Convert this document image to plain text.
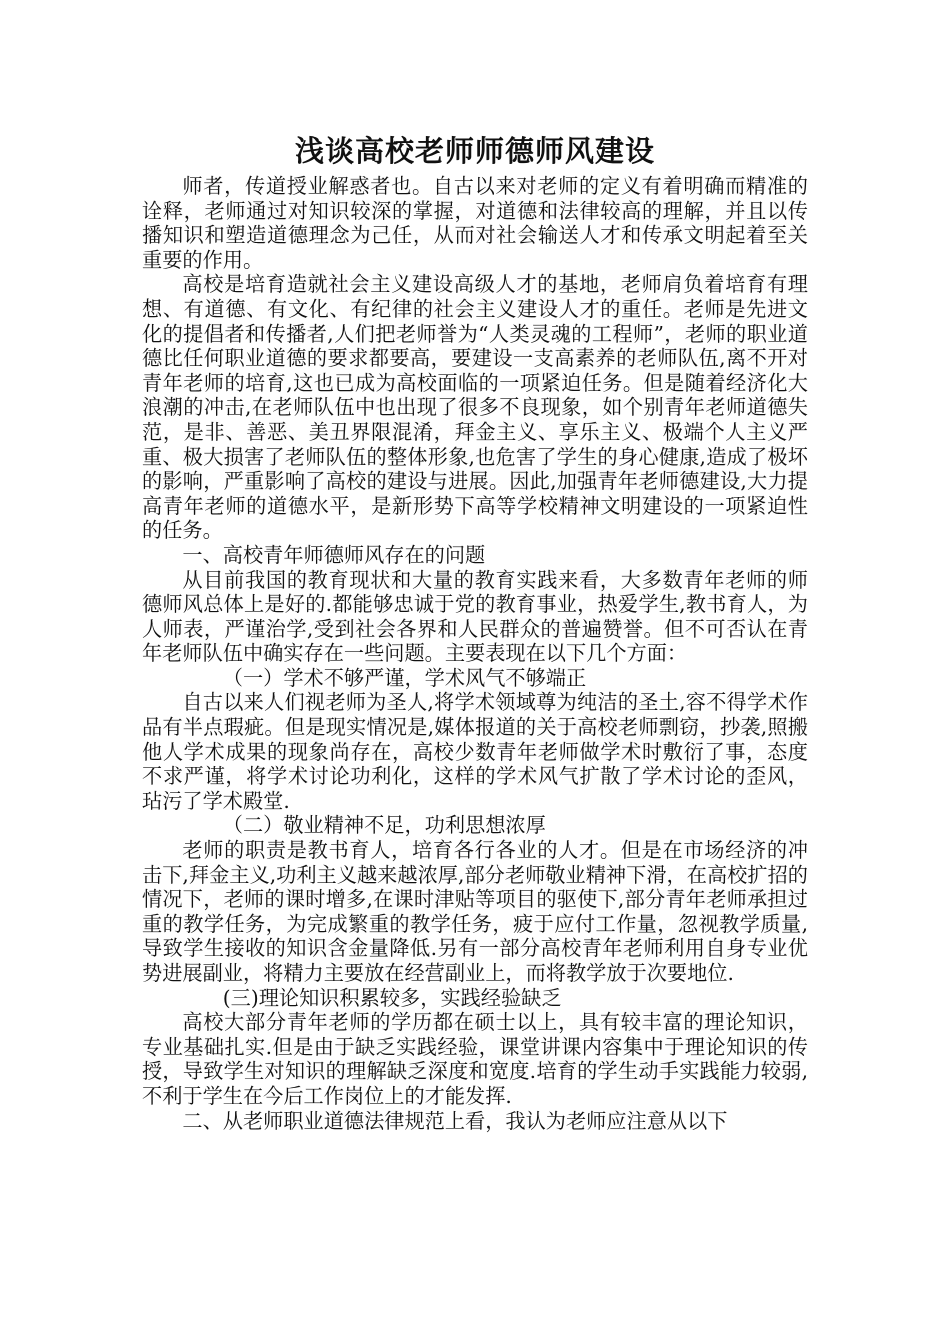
浅谈高校老师师德师风建设

师者，传道授业解惑者也。自古以来对老师的定义有着明确而精准的诠释，老师通过对知识较深的掌握，对道德和法律较高的理解，并且以传播知识和塑造道德理念为己任，从而对社会输送人才和传承文明起着至关重要的作用。

高校是培育造就社会主义建设高级人才的基地，老师肩负着培育有理想、有道德、有文化、有纪律的社会主义建设人才的重任。老师是先进文化的提倡者和传播者,人们把老师誉为“人类灵魂的工程师”，老师的职业道德比任何职业道德的要求都要高，要建设一支高素养的老师队伍,离不开对青年老师的培育,这也已成为高校面临的一项紧迫任务。但是随着经济化大浪潮的冲击,在老师队伍中也出现了很多不良现象，如个别青年老师道德失范，是非、善恶、美丑界限混淆，拜金主义、享乐主义、极端个人主义严重、极大损害了老师队伍的整体形象,也危害了学生的身心健康,造成了极坏的影响，严重影响了高校的建设与进展。因此,加强青年老师德建设,大力提高青年老师的道德水平，是新形势下高等学校精神文明建设的一项紧迫性的任务。

一、高校青年师德师风存在的问题

从目前我国的教育现状和大量的教育实践来看，大多数青年老师的师德师风总体上是好的.都能够忠诚于党的教育事业，热爱学生,教书育人，为人师表，严谨治学,受到社会各界和人民群众的普遍赞誉。但不可否认在青年老师队伍中确实存在一些问题。主要表现在以下几个方面：

（一）学术不够严谨，学术风气不够端正

自古以来人们视老师为圣人,将学术领域尊为纯洁的圣土,容不得学术作品有半点瑕疵。但是现实情况是,媒体报道的关于高校老师剽窃，抄袭,照搬他人学术成果的现象尚存在，高校少数青年老师做学术时敷衍了事，态度不求严谨，将学术讨论功利化，这样的学术风气扩散了学术讨论的歪风，玷污了学术殿堂.

（二）敬业精神不足，功利思想浓厚

老师的职责是教书育人，培育各行各业的人才。但是在市场经济的冲击下,拜金主义,功利主义越来越浓厚,部分老师敬业精神下滑，在高校扩招的情况下，老师的课时增多,在课时津贴等项目的驱使下,部分青年老师承担过重的教学任务，为完成繁重的教学任务，疲于应付工作量，忽视教学质量,导致学生接收的知识含金量降低.另有一部分高校青年老师利用自身专业优势进展副业，将精力主要放在经营副业上，而将教学放于次要地位.

(三)理论知识积累较多，实践经验缺乏

高校大部分青年老师的学历都在硕士以上，具有较丰富的理论知识，专业基础扎实.但是由于缺乏实践经验，课堂讲课内容集中于理论知识的传授，导致学生对知识的理解缺乏深度和宽度.培育的学生动手实践能力较弱,不利于学生在今后工作岗位上的才能发挥.

二、从老师职业道德法律规范上看，我认为老师应注意从以下
